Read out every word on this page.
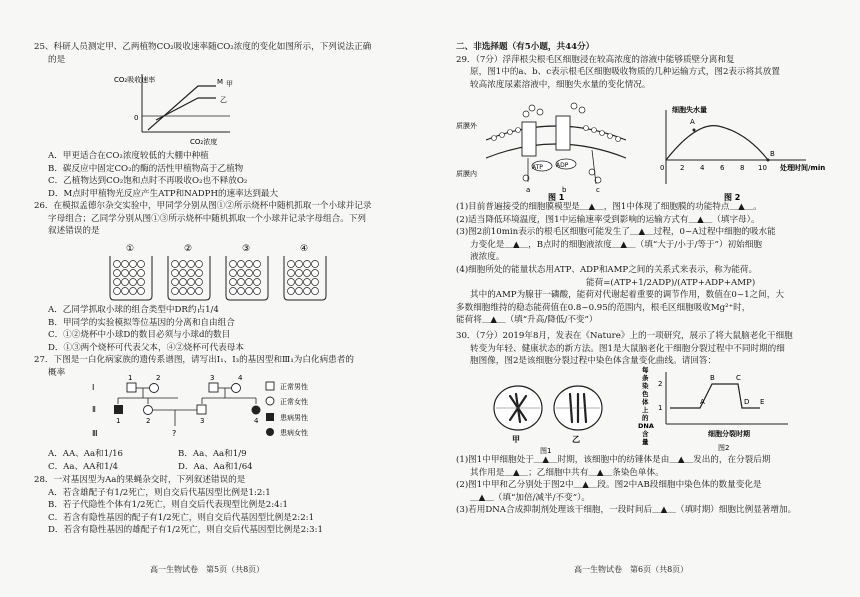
25、科研人员测定甲、乙两植物CO₂吸收速率随CO₂浓度的变化如图所示，下列说法正确
的是
CO₂吸收速率
0
M 甲
乙
CO₂浓度
A．甲更适合在CO₂浓度较低的大棚中种植
B．碳反应中固定CO₂的酶的活性甲植物高于乙植物
C．乙植物达到CO₂饱和点时不再吸收O₂也不释放O₂
D．M点时甲植物光反应产生ATP和NADPH的速率达到最大
26．在模拟孟德尔杂交实验中，甲同学分别从图①②所示烧杯中随机抓取一个小球并记录
字母组合；乙同学分别从图①③所示烧杯中随机抓取一个小球并记录字母组合。下列
叙述错误的是
①	②	③	④
A．乙同学抓取小球的组合类型中DR约占1/4
B．甲同学的实验模拟等位基因的分离和自由组合
C．①②烧杯中小球D的数目必须与小球d的数目
D．①③两个烧杯可代表父本，④②烧杯可代表母本
27．下图是一白化病家族的遗传系谱图，请写出Ⅰ₁、Ⅰ₃的基因型和Ⅲ₁为白化病患者的
概率
Ⅰ
Ⅱ
Ⅲ
1	2	3	4
1	2	3	4
?
正常男性
正常女性
患病男性
患病女性
A．AA、Aa和1/16	B．Aa、Aa和1/9
C．Aa、AA和1/4	D．Aa、Aa和1/64
28．一对基因型为Aa的果蝇杂交时，下列叙述错误的是
A．若含雄配子有1/2死亡，则自交后代基因型比例是1:2:1
B．若子代隐性个体有1/2死亡，则自交后代表现型比例是2:4:1
C．若含有隐性基因的配子有1/2死亡，则自交后代基因型比例是2:2:1
D．若含有隐性基因的雄配子有1/2死亡，则自交后代基因型比例是2:3:1
高一生物试卷　第5页（共8页）
二、非选择题（有5小题，共44分）
29．（7分）浮萍根尖根毛区细胞浸在较高浓度的溶液中能够质壁分离和复
原，图1中的a、b、c表示根毛区细胞吸收物质的几种运输方式，图2表示将其放置
较高浓度尿素溶液中，细胞失水量的变化情况。
质膜外
质膜内
ATP ADP
a	b	c
图 1
细胞失水量
A
B
0 2 4 6 8 10 处理时间/min
图 2
(1)目前普遍接受的细胞膜模型是＿▲＿，图1中体现了细胞膜的功能特点＿▲＿。
(2)适当降低环境温度，图1中运输速率受到影响的运输方式有＿▲＿（填字母）。
(3)图2前10min表示的根毛区细胞可能发生了＿▲＿过程，0~A过程中细胞的吸水能
力变化是＿▲＿，B点时的细胞液浓度＿▲＿（填“大于/小于/等于”）初始细胞
液浓度。
(4)细胞所处的能量状态用ATP、ADP和AMP之间的关系式来表示，称为能荷。
能荷=(ATP+1/2ADP)/(ATP+ADP+AMP)
其中的AMP为腺苷一磷酸，能荷对代谢起着重要的调节作用，数值在0~1之间，大
多数细胞维持的稳态能荷值在0.8~0.95的范围内，根毛区细胞吸收Mg²⁺时，
能荷将＿▲＿（填“升高/降低/不变”）
30．（7分）2019年8月，发表在《Nature》上的一项研究，展示了将大鼠脑老化干细胞
转变为年轻、健康状态的新方法。图1是大鼠脑老化干细胞分裂过程中不同时期的细
胞图像，图2是该细胞分裂过程中染色体含量变化曲线。请回答：
甲	乙
图1
每
条
染
色
体
上
的
DNA
含
量
2
1
A
B	C
D E
细胞分裂时期
图2
(1)图1中甲细胞处于＿▲＿时期，该细胞中的纺锤体是由＿▲＿发出的，在分裂后期
其作用是＿▲＿；乙细胞中共有＿▲＿条染色单体。
(2)图1中甲和乙分别处于图2中＿▲＿段。图2中AB段细胞中染色体的数量变化是
＿▲＿（填“加倍/减半/不变”）。
(3)若用DNA合成抑制剂处理该干细胞，一段时间后＿▲＿（填时期）细胞比例显著增加。
高一生物试卷　第6页（共8页）
